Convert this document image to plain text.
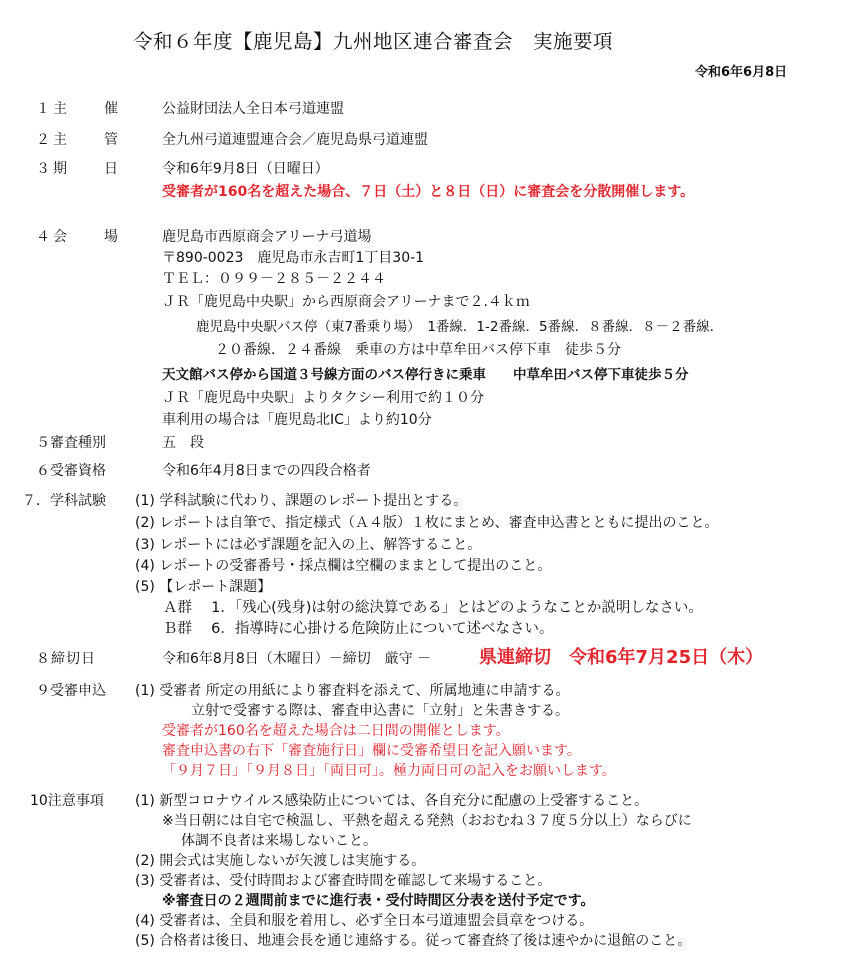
令和６年度【鹿児島】九州地区連合審査会　実施要項
令和6年6月8日
１主　　催	公益財団法人全日本弓道連盟
２主　　管	全九州弓道連盟連合会／鹿児島県弓道連盟
３期　　日	令和6年9月8日（日曜日）
受審者が160名を超えた場合、７日（土）と８日（日）に審査会を分散開催します。
４会　　場	鹿児島市西原商会アリーナ弓道場
〒890-0023　鹿児島市永吉町1丁目30-1
ＴＥＬ：０９９－２８５－２２４４
ＪＲ「鹿児島中央駅」から西原商会アリーナまで２.４ｋｍ
鹿児島中央駅バス停（東7番乗り場）　1番線．1-2番線．5番線．８番線．８－２番線．
２０番線．２４番線　乗車の方は中草牟田バス停下車　徒歩５分
天文館バス停から国道３号線方面のバス停行きに乗車　　中草牟田バス停下車徒歩５分
ＪＲ「鹿児島中央駅」よりタクシー利用で約１０分
車利用の場合は「鹿児島北IC」より約10分
５審査種別	五　段
６受審資格	令和6年4月8日までの四段合格者
７．学科試験 (1) 学科試験に代わり、課題のレポート提出とする。
(2) レポートは自筆で、指定様式（Ａ４版）１枚にまとめ、審査申込書とともに提出のこと。
(3) レポートには必ず課題を記入の上、解答すること。
(4) レポートの受審番号・採点欄は空欄のままとして提出のこと。
(5) 【レポート課題】
Ａ群　 1．「残心(残身)は射の総決算である」とはどのようなことか説明しなさい。
Ｂ群　 6．指導時に心掛ける危険防止について述べなさい。
８締切日	令和6年8月8日（木曜日）－締切　厳守 －	県連締切　令和6年7月25日（木）
９受審申込 (1) 受審者 所定の用紙により審査料を添えて、所属地連に申請する。
立射で受審する際は、審査申込書に「立射」と朱書きする。
受審者が160名を超えた場合は二日間の開催とします。
審査申込書の右下「審査施行日」欄に受審希望日を記入願います。
「９月７日」「９月８日」「両日可」。極力両日可の記入をお願いします。
10注意事項 (1) 新型コロナウイルス感染防止については、各自充分に配慮の上受審すること。
※当日朝には自宅で検温し、平熱を超える発熱（おおむね３７度５分以上）ならびに
体調不良者は来場しないこと。
(2) 開会式は実施しないが矢渡しは実施する。
(3) 受審者は、受付時間および審査時間を確認して来場すること。
※審査日の２週間前までに進行表・受付時間区分表を送付予定です。
(4) 受審者は、全員和服を着用し、必ず全日本弓道連盟会員章をつける。
(5) 合格者は後日、地連会長を通じ連絡する。従って審査終了後は速やかに退館のこと。
